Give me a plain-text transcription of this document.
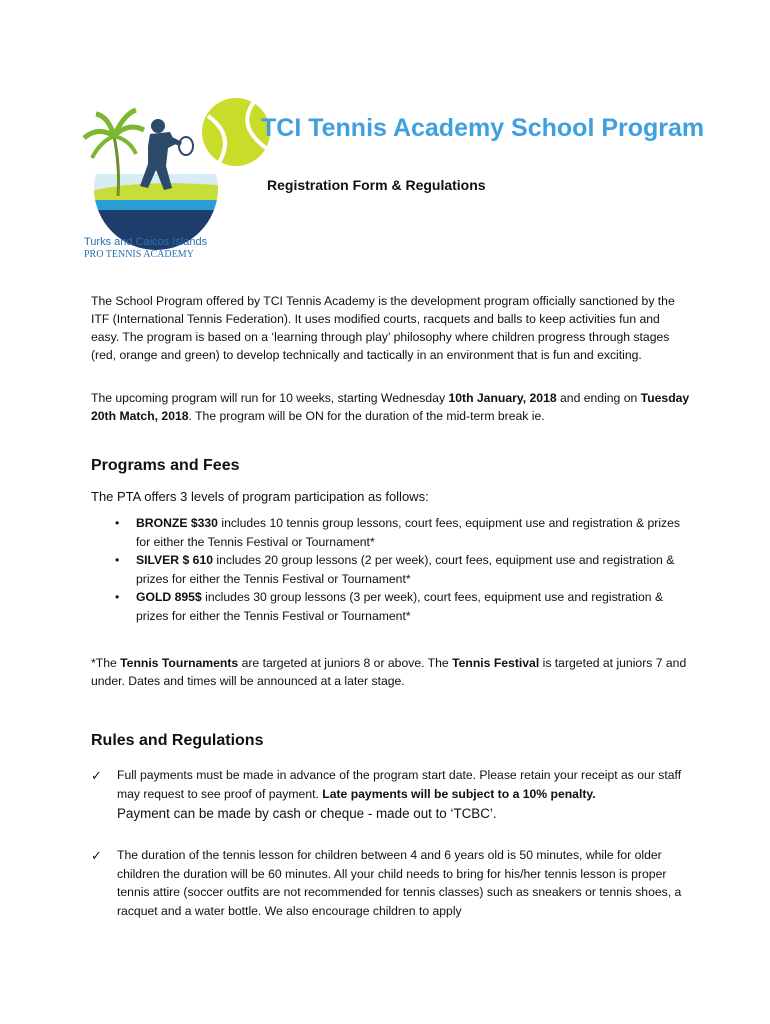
Turks and Caicos Islands
PRO TENNIS ACADEMY
TCI Tennis Academy School Program
Registration Form & Regulations

The School Program offered by TCI Tennis Academy is the development program officially sanctioned by the ITF (International Tennis Federation). It uses modified courts, racquets and balls to keep activities fun and easy. The program is based on a ‘learning through play’ philosophy where children progress through stages (red, orange and green) to develop technically and tactically in an environment that is fun and exciting.

The upcoming program will run for 10 weeks, starting Wednesday 10th January, 2018 and ending on Tuesday 20th Match, 2018. The program will be ON for the duration of the mid-term break ie.

Programs and Fees

The PTA offers 3 levels of program participation as follows:

• BRONZE $330 includes 10 tennis group lessons, court fees, equipment use and registration & prizes for either the Tennis Festival or Tournament*
• SILVER $ 610 includes 20 group lessons (2 per week), court fees, equipment use and registration & prizes for either the Tennis Festival or Tournament*
• GOLD 895$ includes 30 group lessons (3 per week), court fees, equipment use and registration & prizes for either the Tennis Festival or Tournament*

*The Tennis Tournaments are targeted at juniors 8 or above. The Tennis Festival is targeted at juniors 7 and under. Dates and times will be announced at a later stage.

Rules and Regulations
✓ Full payments must be made in advance of the program start date. Please retain your receipt as our staff may request to see proof of payment. Late payments will be subject to a 10% penalty.
Payment can be made by cash or cheque - made out to ‘TCBC’.
✓ The duration of the tennis lesson for children between 4 and 6 years old is 50 minutes, while for older children the duration will be 60 minutes. All your child needs to bring for his/her tennis lesson is proper tennis attire (soccer outfits are not recommended for tennis classes) such as sneakers or tennis shoes, a racquet and a water bottle. We also encourage children to apply
